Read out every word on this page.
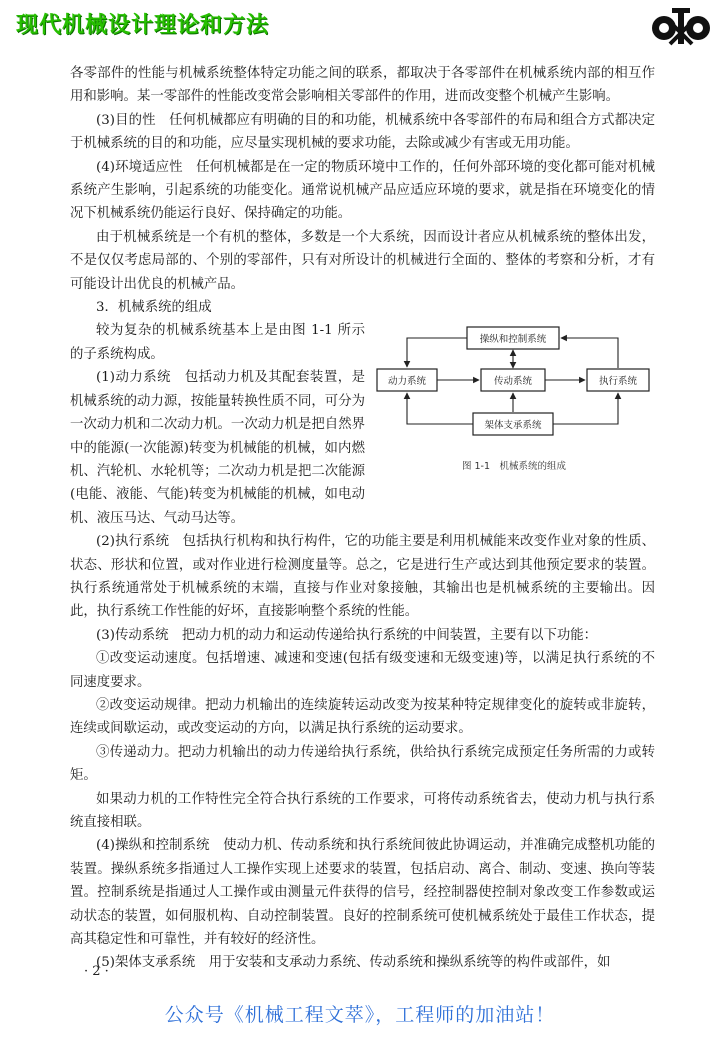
现代机械设计理论和方法

各零部件的性能与机械系统整体特定功能之间的联系，都取决于各零部件在机械系统内部的相互作用和影响。某一零部件的性能改变常会影响相关零部件的作用，进而改变整个机械产生影响。

(3)目的性　任何机械都应有明确的目的和功能，机械系统中各零部件的布局和组合方式都决定于机械系统的目的和功能，应尽量实现机械的要求功能，去除或减少有害或无用功能。

(4)环境适应性　任何机械都是在一定的物质环境中工作的，任何外部环境的变化都可能对机械系统产生影响，引起系统的功能变化。通常说机械产品应适应环境的要求，就是指在环境变化的情况下机械系统仍能运行良好、保持确定的功能。

由于机械系统是一个有机的整体，多数是一个大系统，因而设计者应从机械系统的整体出发，不是仅仅考虑局部的、个别的零部件，只有对所设计的机械进行全面的、整体的考察和分析，才有可能设计出优良的机械产品。

3．机械系统的组成

操纵和控制系统
动力系统	传动系统	执行系统
架体支承系统
图 1-1　机械系统的组成

较为复杂的机械系统基本上是由图 1-1 所示的子系统构成。

(1)动力系统　包括动力机及其配套装置，是机械系统的动力源，按能量转换性质不同，可分为一次动力机和二次动力机。一次动力机是把自然界中的能源(一次能源)转变为机械能的机械，如内燃机、汽轮机、水轮机等；二次动力机是把二次能源(电能、液能、气能)转变为机械能的机械，如电动机、液压马达、气动马达等。

(2)执行系统　包括执行机构和执行构件，它的功能主要是利用机械能来改变作业对象的性质、状态、形状和位置，或对作业进行检测度量等。总之，它是进行生产或达到其他预定要求的装置。执行系统通常处于机械系统的末端，直接与作业对象接触，其输出也是机械系统的主要输出。因此，执行系统工作性能的好坏，直接影响整个系统的性能。

(3)传动系统　把动力机的动力和运动传递给执行系统的中间装置，主要有以下功能：

①改变运动速度。包括增速、减速和变速(包括有级变速和无级变速)等，以满足执行系统的不同速度要求。

②改变运动规律。把动力机输出的连续旋转运动改变为按某种特定规律变化的旋转或非旋转，连续或间歇运动，或改变运动的方向，以满足执行系统的运动要求。

③传递动力。把动力机输出的动力传递给执行系统，供给执行系统完成预定任务所需的力或转矩。

如果动力机的工作特性完全符合执行系统的工作要求，可将传动系统省去，使动力机与执行系统直接相联。

(4)操纵和控制系统　使动力机、传动系统和执行系统间彼此协调运动，并准确完成整机功能的装置。操纵系统多指通过人工操作实现上述要求的装置，包括启动、离合、制动、变速、换向等装置。控制系统是指通过人工操作或由测量元件获得的信号，经控制器使控制对象改变工作参数或运动状态的装置，如伺服机构、自动控制装置。良好的控制系统可使机械系统处于最佳工作状态，提高其稳定性和可靠性，并有较好的经济性。

(5)架体支承系统　用于安装和支承动力系统、传动系统和操纵系统等的构件或部件，如

· 2 ·
公众号《机械工程文萃》，工程师的加油站！
